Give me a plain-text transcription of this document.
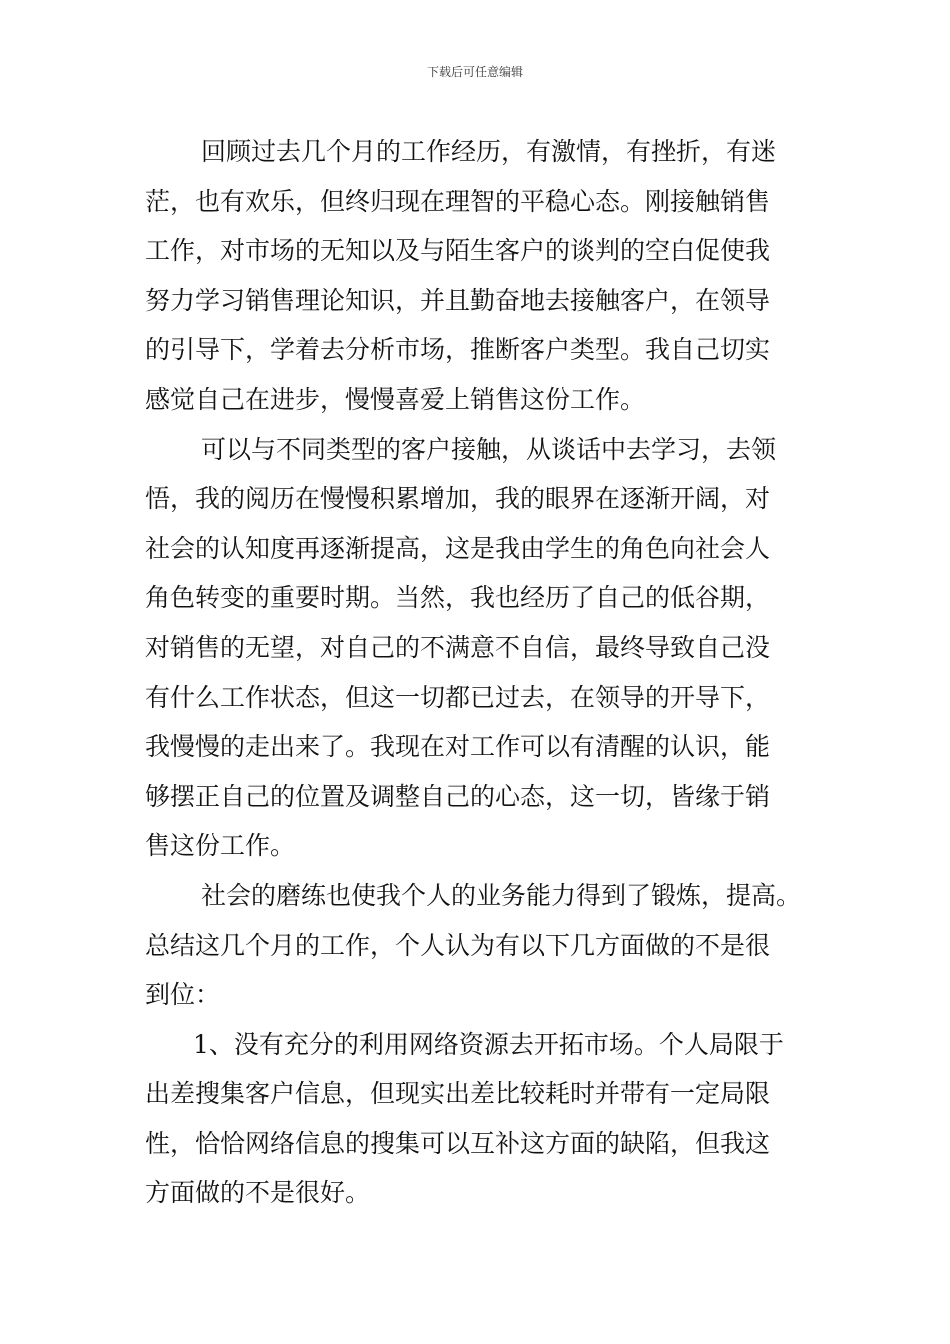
下载后可任意编辑
回顾过去几个月的工作经历，有激情，有挫折，有迷
茫，也有欢乐，但终归现在理智的平稳心态。刚接触销售
工作，对市场的无知以及与陌生客户的谈判的空白促使我
努力学习销售理论知识，并且勤奋地去接触客户，在领导
的引导下，学着去分析市场，推断客户类型。我自己切实
感觉自己在进步，慢慢喜爱上销售这份工作。
可以与不同类型的客户接触，从谈话中去学习，去领
悟，我的阅历在慢慢积累增加，我的眼界在逐渐开阔，对
社会的认知度再逐渐提高，这是我由学生的角色向社会人
角色转变的重要时期。当然，我也经历了自己的低谷期，
对销售的无望，对自己的不满意不自信，最终导致自己没
有什么工作状态，但这一切都已过去，在领导的开导下，
我慢慢的走出来了。我现在对工作可以有清醒的认识，能
够摆正自己的位置及调整自己的心态，这一切，皆缘于销
售这份工作。
社会的磨练也使我个人的业务能力得到了锻炼，提高。
总结这几个月的工作，个人认为有以下几方面做的不是很
到位：
1、没有充分的利用网络资源去开拓市场。个人局限于
出差搜集客户信息，但现实出差比较耗时并带有一定局限
性，恰恰网络信息的搜集可以互补这方面的缺陷，但我这
方面做的不是很好。
